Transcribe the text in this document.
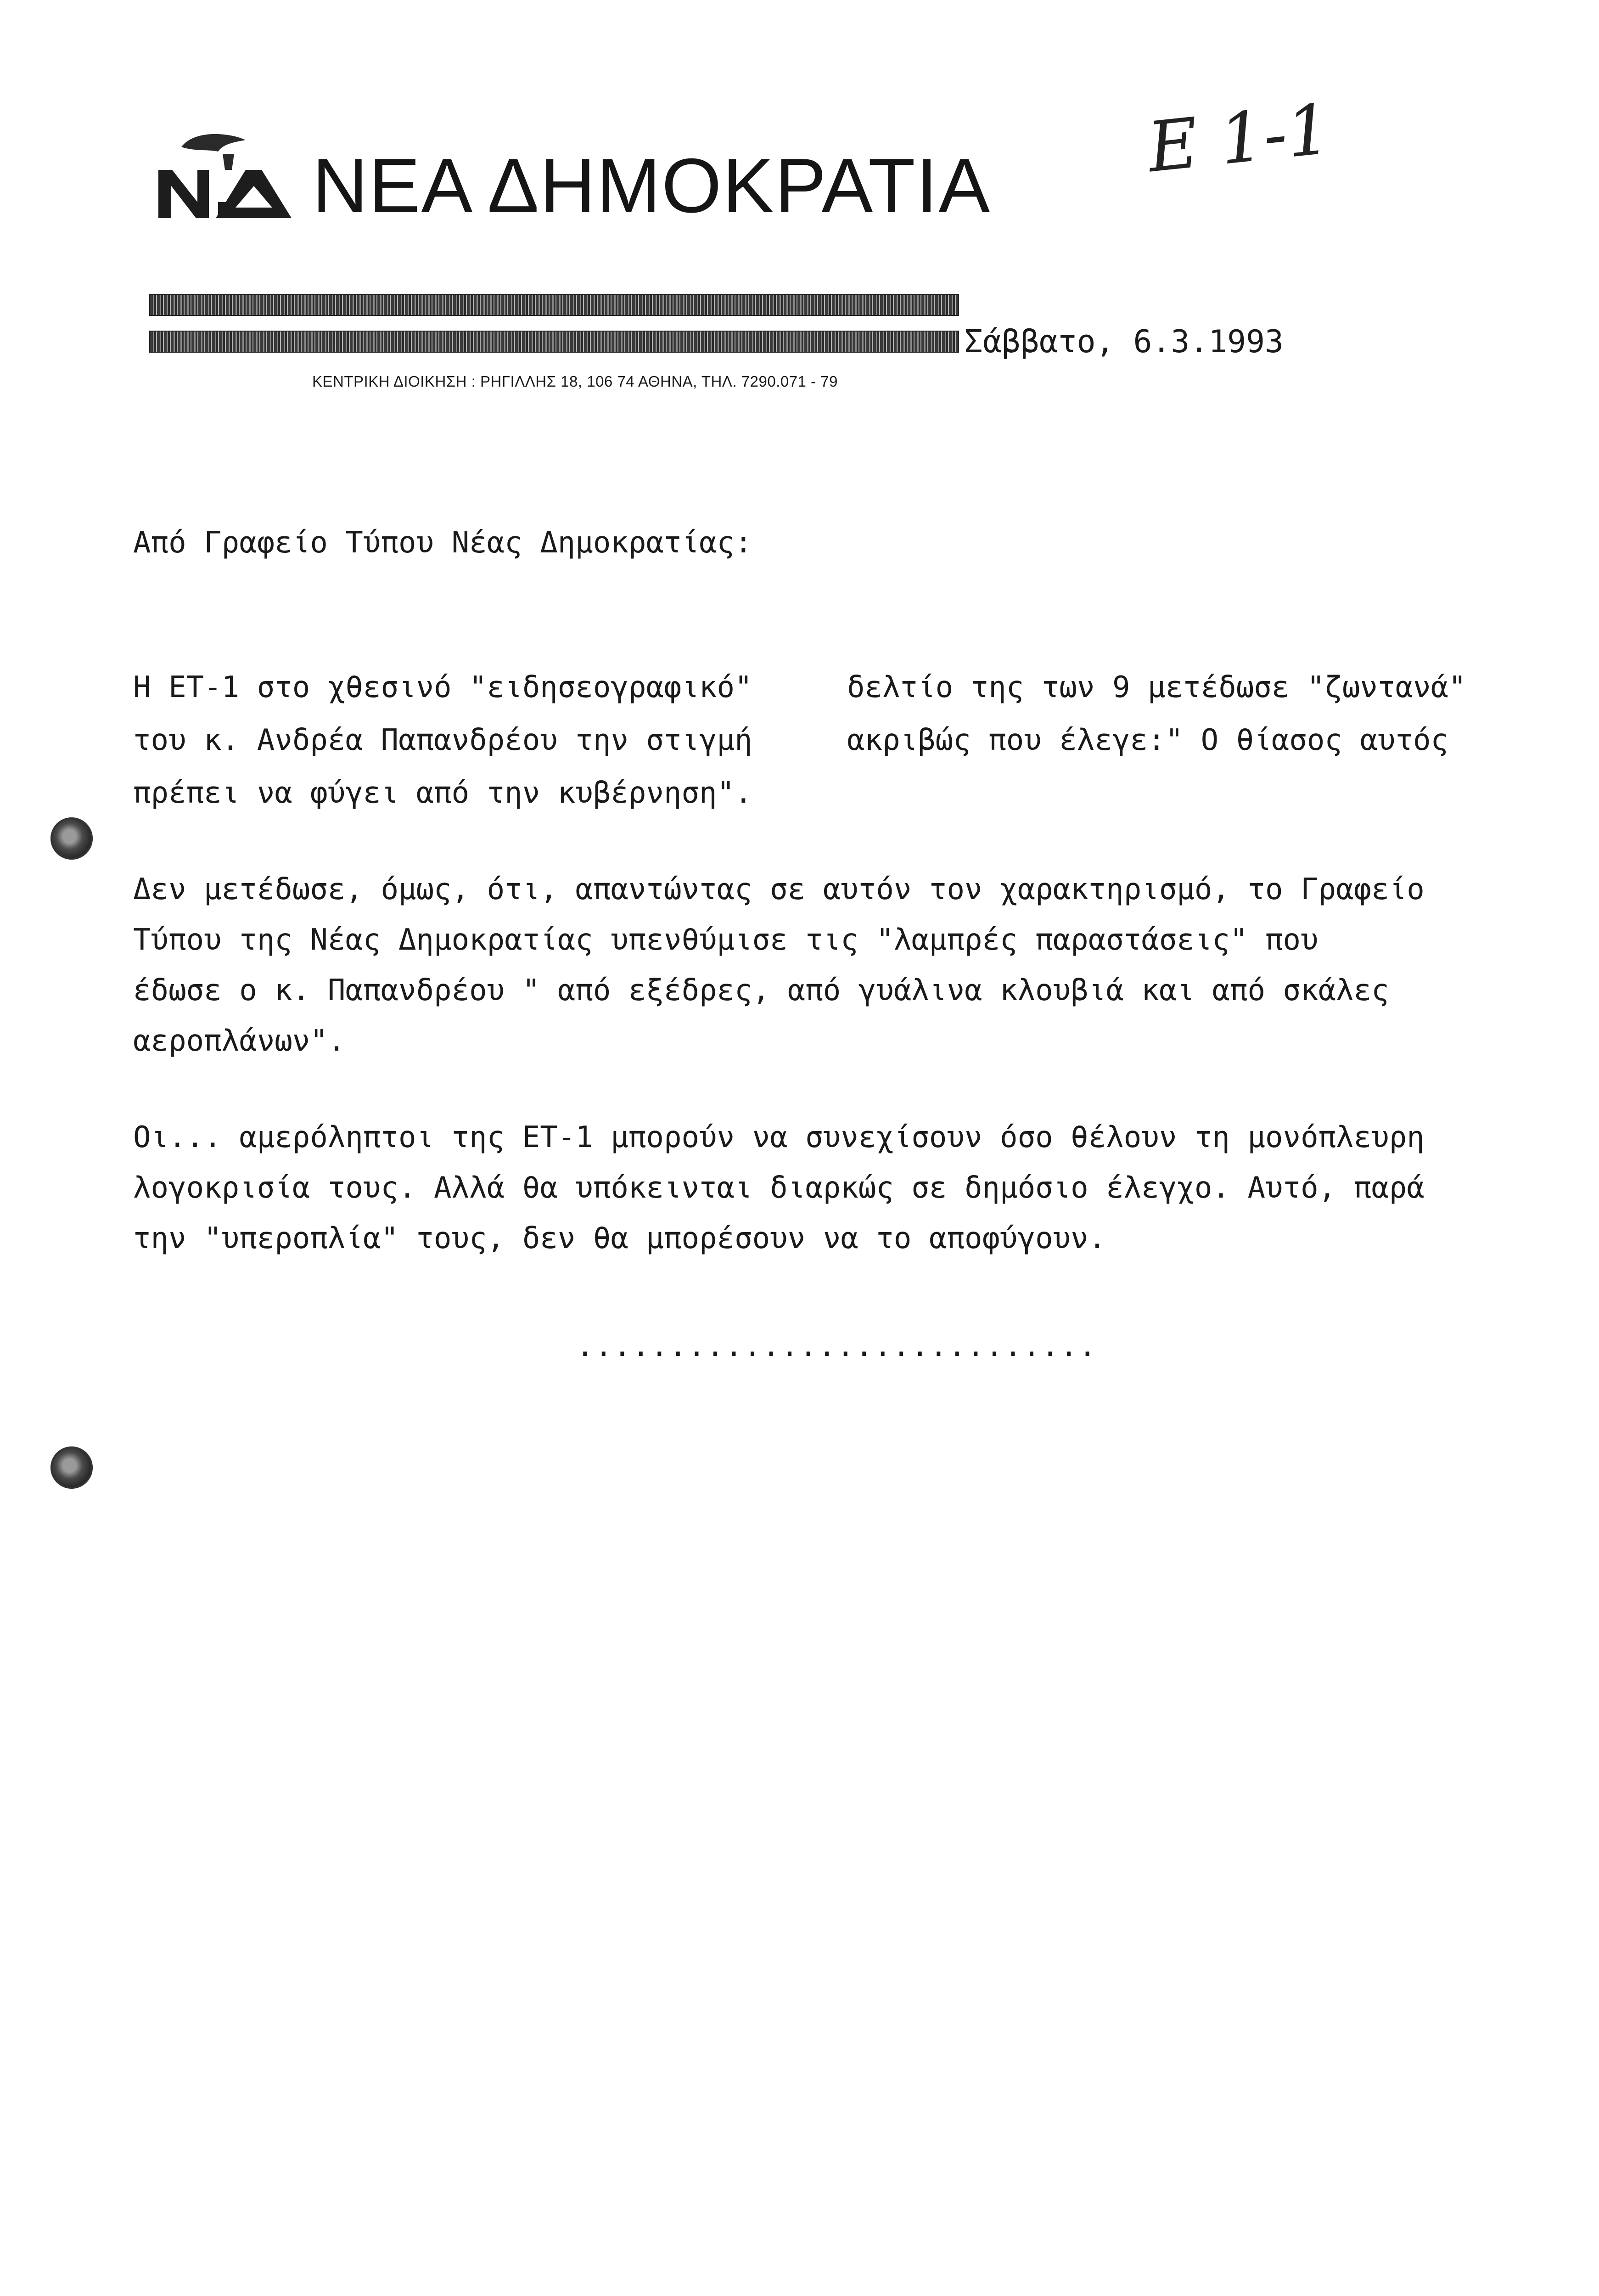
ΝΕΑ ΔΗΜΟΚΡΑΤΙΑ Ε 1-1
Σάββατο, 6.3.1993
ΚΕΝΤΡΙΚΗ ΔΙΟΙΚΗΣΗ : ΡΗΓΙΛΛΗΣ 18, 106 74 ΑΘΗΝΑ, ΤΗΛ. 7290.071 - 79
Από Γραφείο Τύπου Νέας Δημοκρατίας:
Η ΕΤ-1 στο χθεσινό "ειδησεογραφικό"	δελτίο της των 9 μετέδωσε "ζωντανά"
του κ. Ανδρέα Παπανδρέου την στιγμή	ακριβώς που έλεγε:" Ο θίασος αυτός
πρέπει να φύγει από την κυβέρνηση".
Δεν μετέδωσε, όμως, ότι, απαντώντας σε αυτόν τον χαρακτηρισμό, το Γραφείο
Τύπου της Νέας Δημοκρατίας υπενθύμισε τις "λαμπρές παραστάσεις" που
έδωσε ο κ. Παπανδρέου " από εξέδρες, από γυάλινα κλουβιά και από σκάλες
αεροπλάνων".
Οι... αμερόληπτοι της ΕΤ-1 μπορούν να συνεχίσουν όσο θέλουν τη μονόπλευρη
λογοκρισία τους. Αλλά θα υπόκεινται διαρκώς σε δημόσιο έλεγχο. Αυτό, παρά
την "υπεροπλία" τους, δεν θα μπορέσουν να το αποφύγουν.
............................
